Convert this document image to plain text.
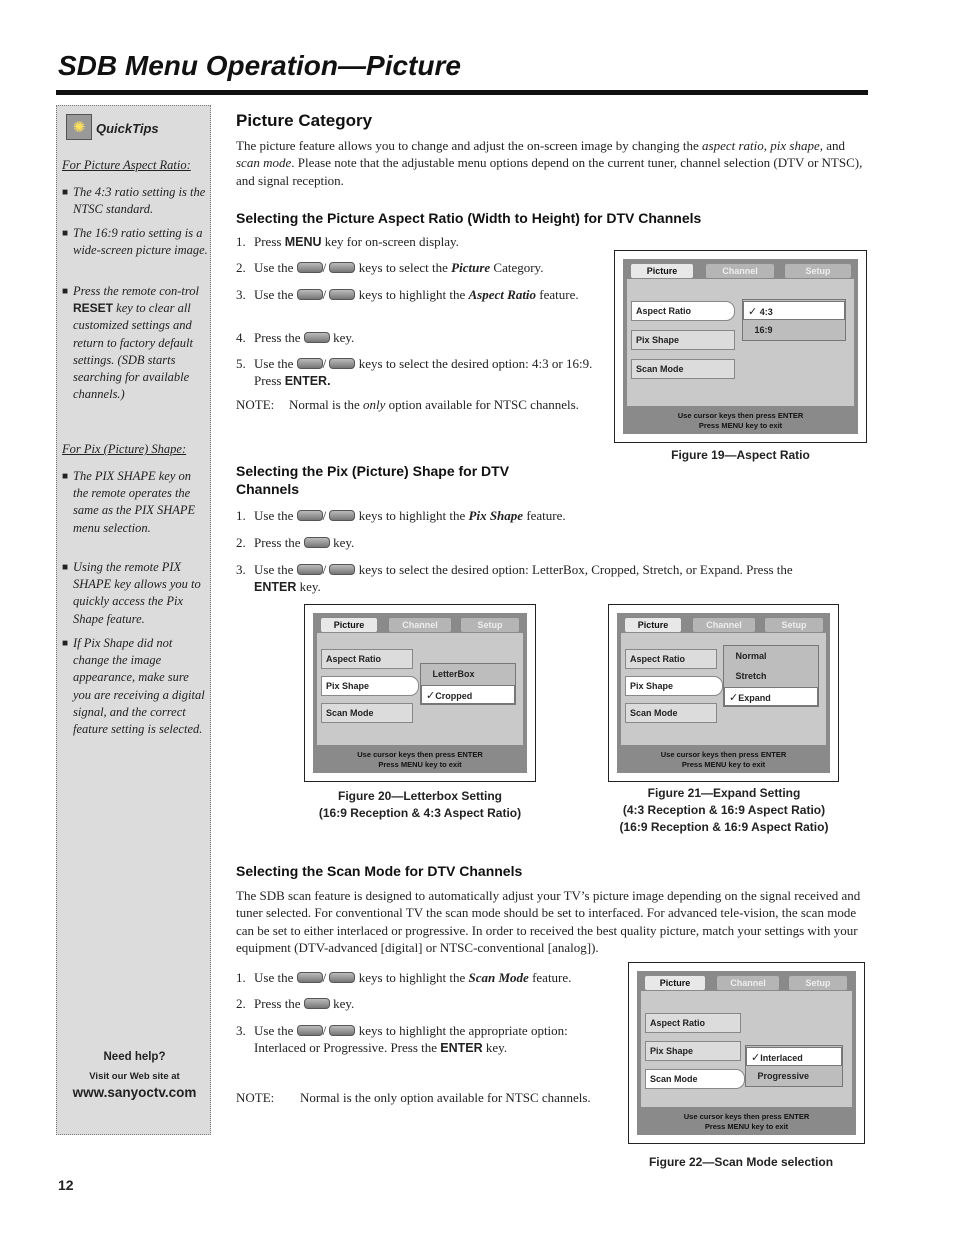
SDB Menu Operation—Picture
✺ QuickTips
For Picture Aspect Ratio:
■ The 4:3 ratio setting is the NTSC standard.
■ The 16:9 ratio setting is a wide-screen picture image.
■ Press the remote con-trol RESET key to clear all customized settings and return to factory default settings. (SDB starts searching for available channels.)
For Pix (Picture) Shape:
■ The PIX SHAPE key on the remote operates the same as the PIX SHAPE menu selection.
■ Using the remote PIX SHAPE key allows you to quickly access the Pix Shape feature.
■ If Pix Shape did not change the image appearance, make sure you are receiving a digital signal, and the correct feature setting is selected.
Need help?
Visit our Web site at
www.sanyoctv.com
Picture Category
The picture feature allows you to change and adjust the on-screen image by changing the aspect ratio, pix shape, and scan mode. Please note that the adjustable menu options depend on the current tuner, channel selection (DTV or NTSC), and signal reception.
Selecting the Picture Aspect Ratio (Width to Height) for DTV Channels
1. Press MENU key for on-screen display.
2. Use the /  keys to select the Picture Category.
3. Use the /  keys to highlight the Aspect Ratio feature.
4. Press the	key.
5. Use the /  keys to select the desired option: 4:3 or 16:9. Press ENTER.
NOTE: Normal is the only option available for NTSC channels.
Picture	Channel	Setup
Aspect Ratio
Pix Shape
Scan Mode
✓ 4:3
16:9
Use cursor keys then press ENTER
Press MENU key to exit
Figure 19—Aspect Ratio
Selecting the Pix (Picture) Shape for DTV Channels
1. Use the /  keys to highlight the Pix Shape feature.
2. Press the	key.
3. Use the /  keys to select the desired option: LetterBox, Cropped, Stretch, or Expand. Press the ENTER key.
Picture	Channel	Setup
Aspect Ratio
Pix Shape
Scan Mode
LetterBox
✓Cropped
Use cursor keys then press ENTER
Press MENU key to exit
Figure 20—Letterbox Setting
(16:9 Reception & 4:3 Aspect Ratio)
Picture	Channel	Setup
Aspect Ratio
Pix Shape
Scan Mode
Normal
Stretch
✓Expand
Use cursor keys then press ENTER
Press MENU key to exit
Figure 21—Expand Setting
(4:3 Reception & 16:9 Aspect Ratio)
(16:9 Reception & 16:9 Aspect Ratio)
Selecting the Scan Mode for DTV Channels
The SDB scan feature is designed to automatically adjust your TV’s picture image depending on the signal received and tuner selected. For conventional TV the scan mode should be set to interfaced. For advanced tele-vision, the scan mode can be set to either interlaced or progressive. In order to received the best quality picture, match your settings with your equipment (DTV-advanced [digital] or NTSC-conventional [analog]).
1. Use the /  keys to highlight the Scan Mode feature.
2. Press the	key.
3. Use the /  keys to highlight the appropriate option: Interlaced or Progressive. Press the ENTER key.
NOTE: Normal is the only option available for NTSC channels.
Picture	Channel	Setup
Aspect Ratio
Pix Shape
Scan Mode
✓Interlaced
Progressive
Use cursor keys then press ENTER
Press MENU key to exit
Figure 22—Scan Mode selection
12
